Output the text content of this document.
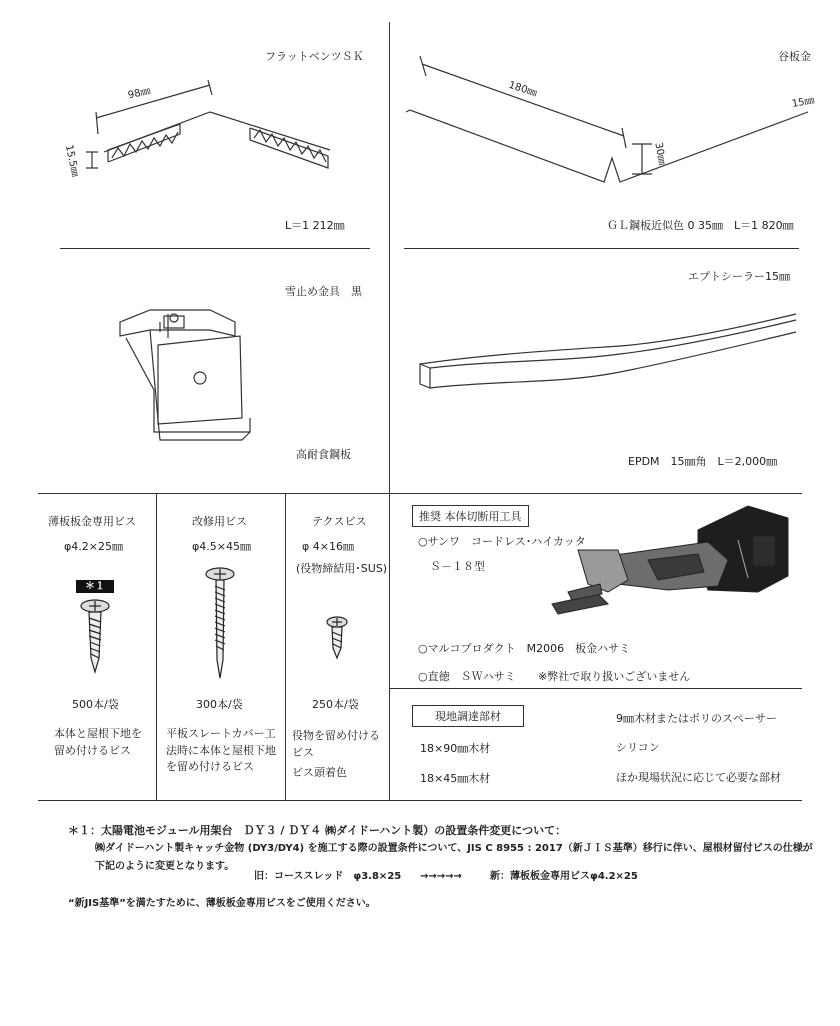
フラットベンツＳＫ
98㎜
15.5㎜
L＝1 212㎜
谷板金
180㎜
15㎜
30㎜
ＧＬ鋼板近似色 0 35㎜　L＝1 820㎜
雪止め金具　黒
高耐食鋼板
エプトシーラー15㎜
EPDM　15㎜角　L＝2,000㎜
薄板板金専用ビス
φ4.2×25㎜
＊１
500本/袋
本体と屋根下地を留め付けるビス
改修用ビス
φ4.5×45㎜
300本/袋
平板スレートカバー工法時に本体と屋根下地を留め付けるビス
テクスビス
φ 4×16㎜
(役物締結用･SUS)
250本/袋
役物を留め付けるビス
ビス頭着色
推奨 本体切断用工具
○サンワ　コードレス･ハイカッタ
Ｓ－１８型
○マルコプロダクト　M2006　板金ハサミ
○直徳　ＳＷハサミ ※弊社で取り扱いございません
現地調達部材
18×90㎜木材
18×45㎜木材
9㎜木材またはポリのスペーサー
シリコン
ほか現場状況に応じて必要な部材
＊１：太陽電池モジュール用架台　ＤＹ３ / ＤＹ４ ㈱ダイドーハント製）の設置条件変更について：
㈱ダイドーハント製キャッチ金物 (DY3/DY4) を施工する際の設置条件について、JIS C 8955 : 2017（新ＪＩＳ基準）移行に伴い、屋根材留付ビスの仕様が
下記のように変更となります。
旧：コーススレッド　φ3.8×25 →→→→→	新：薄板板金専用ビスφ4.2×25
“新JIS基準”を満たすために、薄板板金専用ビスをご使用ください。
